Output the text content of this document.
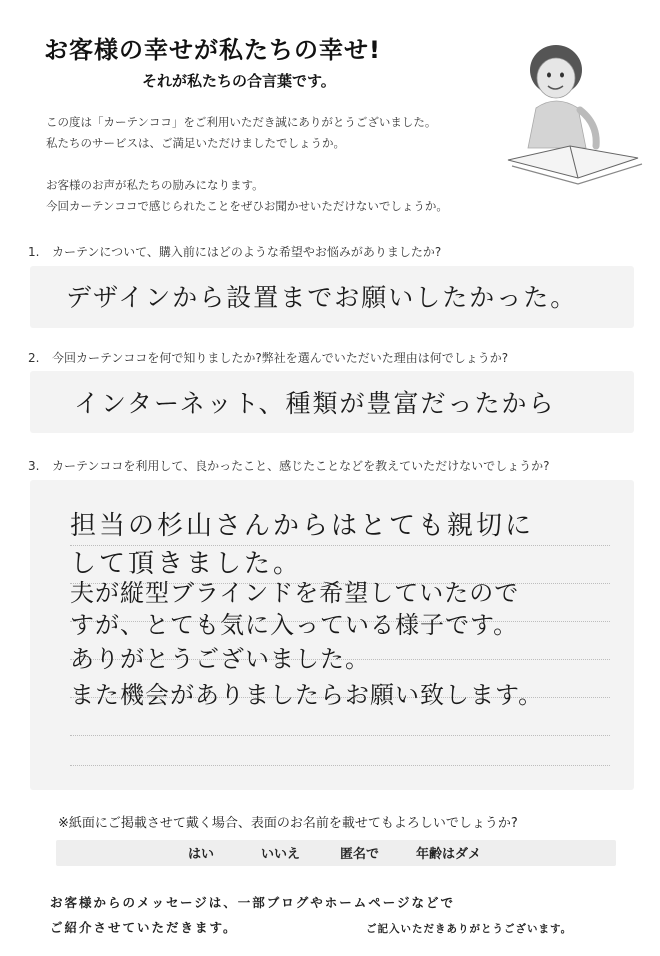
お客様の幸せが私たちの幸せ!
それが私たちの合言葉です。
この度は「カーテンココ」をご利用いただき誠にありがとうございました。
私たちのサービスは、ご満足いただけましたでしょうか。
お客様のお声が私たちの励みになります。
今回カーテンココで感じられたことをぜひお聞かせいただけないでしょうか。
1. カーテンについて、購入前にはどのような希望やお悩みがありましたか?
デザインから設置までお願いしたかった。
2. 今回カーテンココを何で知りましたか?弊社を選んでいただいた理由は何でしょうか?
インターネット、種類が豊富だったから
3. カーテンココを利用して、良かったこと、感じたことなどを教えていただけないでしょうか?
担当の杉山さんからはとても親切に
して頂きました。
夫が縦型ブラインドを希望していたので
すが、とても気に入っている様子です。
ありがとうございました。
また機会がありましたらお願い致します。
※紙面にご掲載させて戴く場合、表面のお名前を載せてもよろしいでしょうか?
はい	いいえ	匿名で	年齢はダメ
お客様からのメッセージは、一部ブログやホームページなどで
ご紹介させていただきます。	ご記入いただきありがとうございます。
